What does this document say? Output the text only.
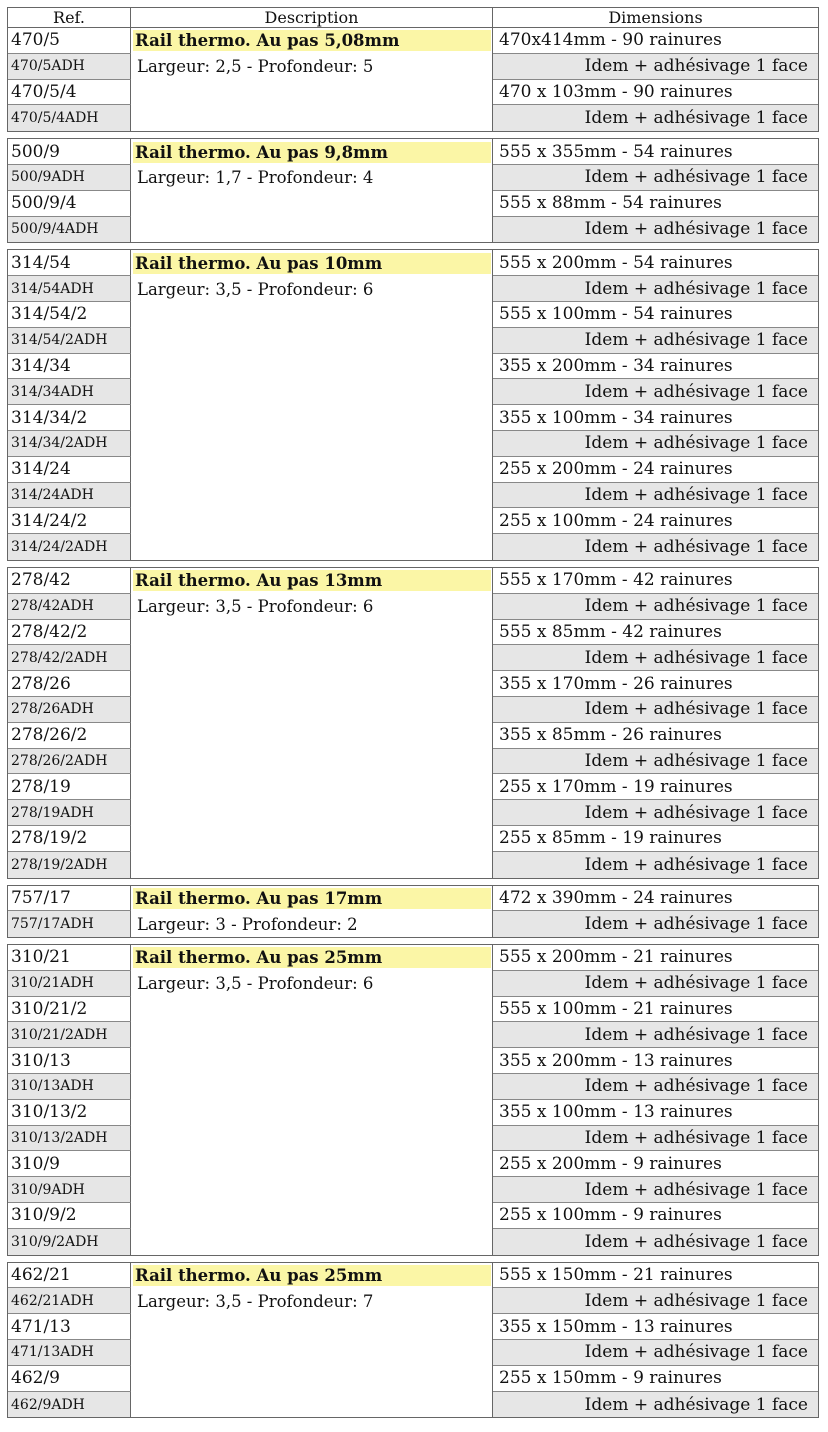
Ref.	Description	Dimensions
470/5	Rail thermo. Au pas 5,08mm	470x414mm - 90 rainures
470/5ADH	Largeur: 2,5 - Profondeur: 5	Idem + adhésivage 1 face
470/5/4	470 x 103mm - 90 rainures
470/5/4ADH	Idem + adhésivage 1 face
500/9	Rail thermo. Au pas 9,8mm	555 x 355mm - 54 rainures
500/9ADH	Largeur: 1,7 - Profondeur: 4	Idem + adhésivage 1 face
500/9/4	555 x 88mm - 54 rainures
500/9/4ADH	Idem + adhésivage 1 face
314/54	Rail thermo. Au pas 10mm	555 x 200mm - 54 rainures
314/54ADH	Largeur: 3,5 - Profondeur: 6	Idem + adhésivage 1 face
314/54/2	555 x 100mm - 54 rainures
314/54/2ADH	Idem + adhésivage 1 face
314/34	355 x 200mm - 34 rainures
314/34ADH	Idem + adhésivage 1 face
314/34/2	355 x 100mm - 34 rainures
314/34/2ADH	Idem + adhésivage 1 face
314/24	255 x 200mm - 24 rainures
314/24ADH	Idem + adhésivage 1 face
314/24/2	255 x 100mm - 24 rainures
314/24/2ADH	Idem + adhésivage 1 face
278/42	Rail thermo. Au pas 13mm	555 x 170mm - 42 rainures
278/42ADH	Largeur: 3,5 - Profondeur: 6	Idem + adhésivage 1 face
278/42/2	555 x 85mm - 42 rainures
278/42/2ADH	Idem + adhésivage 1 face
278/26	355 x 170mm - 26 rainures
278/26ADH	Idem + adhésivage 1 face
278/26/2	355 x 85mm - 26 rainures
278/26/2ADH	Idem + adhésivage 1 face
278/19	255 x 170mm - 19 rainures
278/19ADH	Idem + adhésivage 1 face
278/19/2	255 x 85mm - 19 rainures
278/19/2ADH	Idem + adhésivage 1 face
757/17	Rail thermo. Au pas 17mm	472 x 390mm - 24 rainures
757/17ADH	Largeur: 3 - Profondeur: 2	Idem + adhésivage 1 face
310/21	Rail thermo. Au pas 25mm	555 x 200mm - 21 rainures
310/21ADH	Largeur: 3,5 - Profondeur: 6	Idem + adhésivage 1 face
310/21/2	555 x 100mm - 21 rainures
310/21/2ADH	Idem + adhésivage 1 face
310/13	355 x 200mm - 13 rainures
310/13ADH	Idem + adhésivage 1 face
310/13/2	355 x 100mm - 13 rainures
310/13/2ADH	Idem + adhésivage 1 face
310/9	255 x 200mm - 9 rainures
310/9ADH	Idem + adhésivage 1 face
310/9/2	255 x 100mm - 9 rainures
310/9/2ADH	Idem + adhésivage 1 face
462/21	Rail thermo. Au pas 25mm	555 x 150mm - 21 rainures
462/21ADH	Largeur: 3,5 - Profondeur: 7	Idem + adhésivage 1 face
471/13	355 x 150mm - 13 rainures
471/13ADH	Idem + adhésivage 1 face
462/9	255 x 150mm - 9 rainures
462/9ADH	Idem + adhésivage 1 face
